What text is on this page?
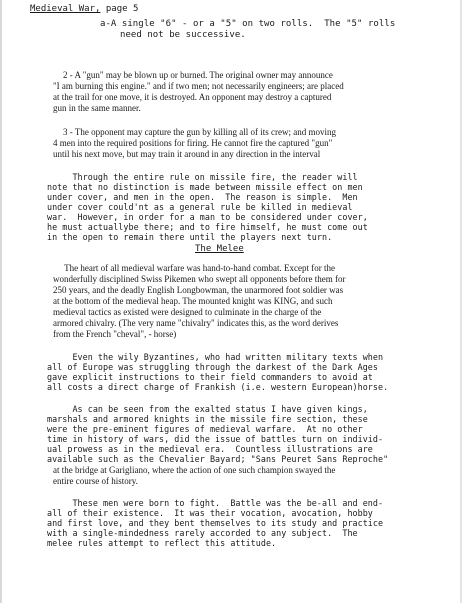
Medieval War, page 5
a-A single "6" - or a "5" on two rolls.  The "5" rolls
need not be successive.
2 - A "gun" may be blown up or burned. The original owner may announce
"I am burning this engine." and if two men; not necessarily engineers; are placed
at the trail for one move, it is destroyed. An opponent may destroy a captured
gun in the same manner.
3 - The opponent may capture the gun by killing all of its crew; and moving
4 men into the required positions for firing. He cannot fire the captured "gun"
until his next move, but may train it around in any direction in the interval
Through the entire rule on missile fire, the reader will
note that no distinction is made between missile effect on men
under cover, and men in the open.  The reason is simple.  Men
under cover could'nt as a general rule be killed in medieval
war.  However, in order for a man to be considered under cover,
he must actuallybe there; and to fire himself, he must come out
in the open to remain there until the players next turn.
The Melee
The heart of all medieval warfare was hand-to-hand combat. Except for the
wonderfully disciplined Swiss Pikemen who swept all opponents before them for
250 years, and the deadly English Longbowman, the unarmored foot soldier was
at the bottom of the medieval heap. The mounted knight was KING, and such
medieval tactics as existed were designed to culminate in the charge of the
armored chivalry. (The very name "chivalry" indicates this, as the word derives
from the French "cheval", - horse)
Even the wily Byzantines, who had written military texts when
all of Europe was struggling through the darkest of the Dark Ages
gave explicit instructions to their field commanders to avoid at
all costs a direct charge of Frankish (i.e. western European)horse.
As can be seen from the exalted status I have given kings,
marshals and armored knights in the missile fire section, these
were the pre-eminent figures of medieval warfare.  At no other
time in history of wars, did the issue of battles turn on individ-
ual prowess as in the medieval era.  Countless illustrations are
available such as the Chevalier Bayard; "Sans Peuret Sans Reproche"
at the bridge at Garigliano, where the action of one such champion swayed the
entire course of history.
These men were born to fight.  Battle was the be-all and end-
all of their existence.  It was their vocation, avocation, hobby
and first love, and they bent themselves to its study and practice
with a single-mindedness rarely accorded to any subject.  The
melee rules attempt to reflect this attitude.
